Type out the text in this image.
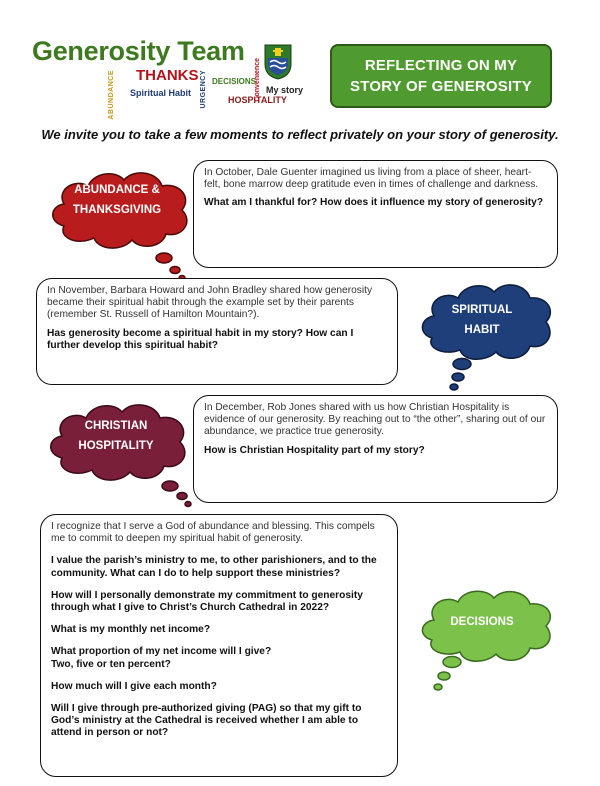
Generosity Team
ABUNDANCE THANKS
Spiritual Habit URGENCY DECISIONS
HOSPITALITY
Convenience My story
REFLECTING ON MY
STORY OF GENEROSITY
We invite you to take a few moments to reflect privately on your story of generosity.
ABUNDANCE &
THANKSGIVING

In October, Dale Guenter imagined us living from a place of sheer, heart-felt, bone marrow deep gratitude even in times of challenge and darkness.

What am I thankful for? How does it influence my story of generosity?

SPIRITUAL
HABIT

In November, Barbara Howard and John Bradley shared how generosity became their spiritual habit through the example set by their parents (remember St. Russell of Hamilton Mountain?).

Has generosity become a spiritual habit in my story? How can I further develop this spiritual habit?

CHRISTIAN
HOSPITALITY

In December, Rob Jones shared with us how Christian Hospitality is evidence of our generosity. By reaching out to “the other”, sharing out of our abundance, we practice true generosity.

How is Christian Hospitality part of my story?

I recognize that I serve a God of abundance and blessing. This compels me to commit to deepen my spiritual habit of generosity.

I value the parish’s ministry to me, to other parishioners, and to the community. What can I do to help support these ministries?

How will I personally demonstrate my commitment to generosity through what I give to Christ’s Church Cathedral in 2022?

What is my monthly net income?

What proportion of my net income will I give?
Two, five or ten percent?

How much will I give each month?

Will I give through pre-authorized giving (PAG) so that my gift to God’s ministry at the Cathedral is received whether I am able to attend in person or not?

DECISIONS
